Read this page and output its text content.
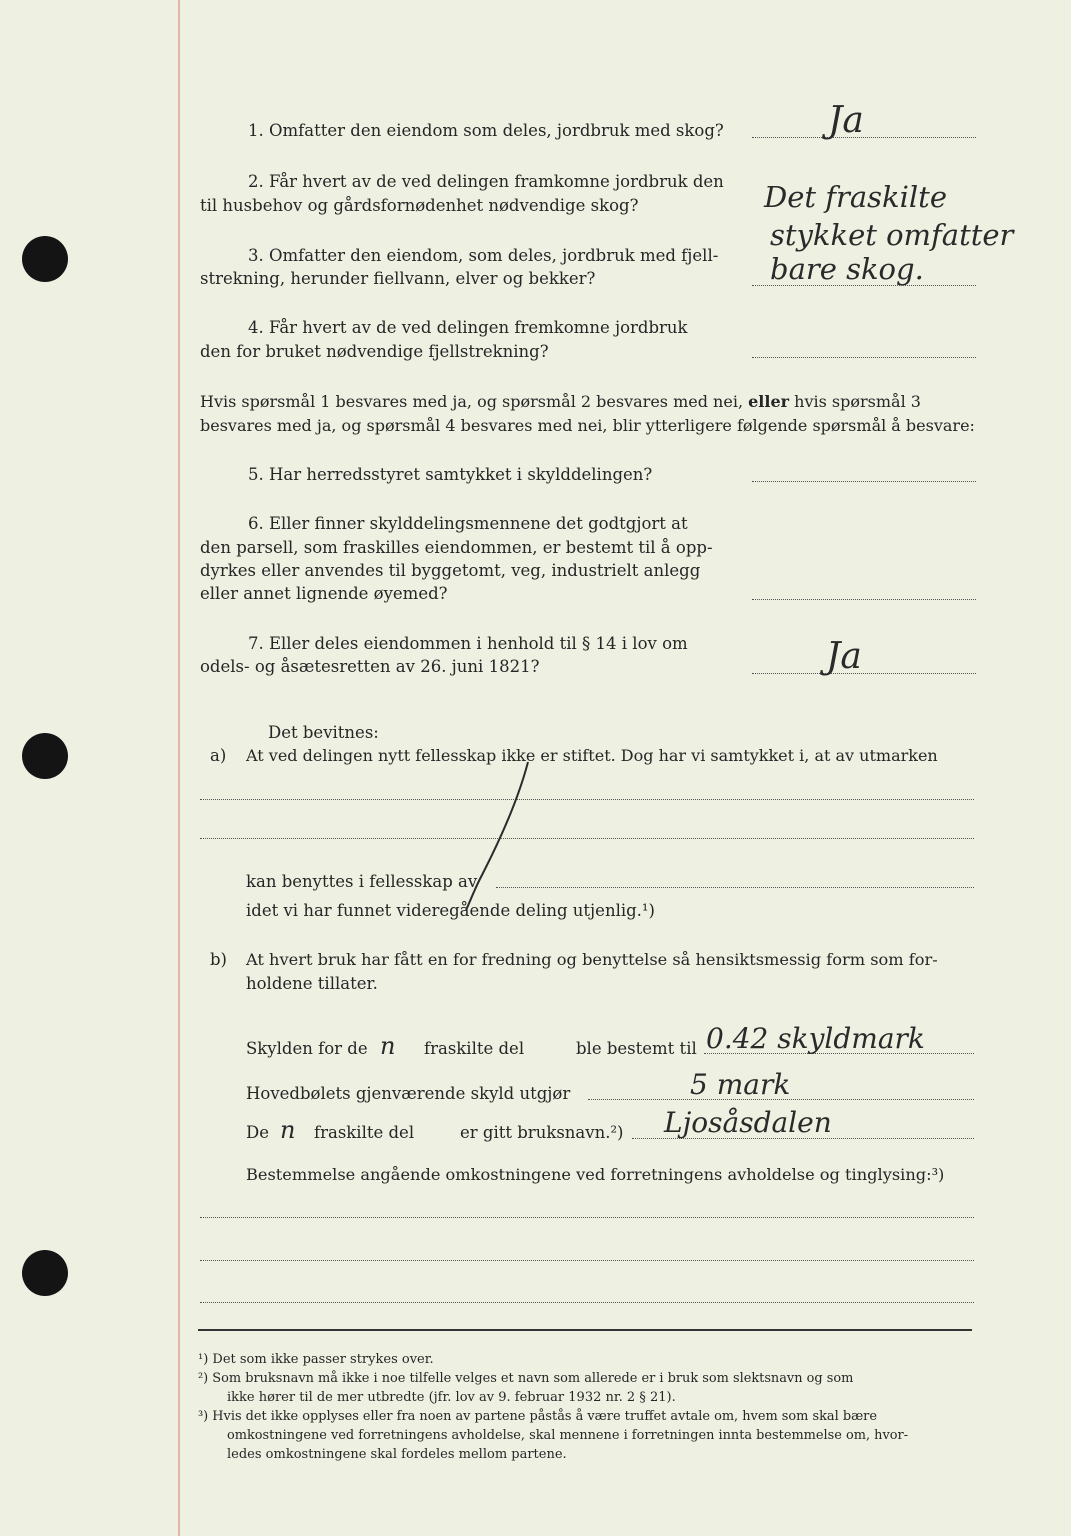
1. Omfatter den eiendom som deles, jordbruk med skog?	Ja
2. Får hvert av de ved delingen framkomne jordbruk den
til husbehov og gårdsfornødenhet nødvendige skog?	Det fraskilte
stykket omfatter
bare skog.
3. Omfatter den eiendom, som deles, jordbruk med fjell-
strekning, herunder fiellvann, elver og bekker?
4. Får hvert av de ved delingen fremkomne jordbruk
den for bruket nødvendige fjellstrekning?
Hvis spørsmål 1 besvares med ja, og spørsmål 2 besvares med nei, eller hvis spørsmål 3
besvares med ja, og spørsmål 4 besvares med nei, blir ytterligere følgende spørsmål å besvare:
5. Har herredsstyret samtykket i skylddelingen?
6. Eller finner skylddelingsmennene det godtgjort at
den parsell, som fraskilles eiendommen, er bestemt til å opp-
dyrkes eller anvendes til byggetomt, veg, industrielt anlegg
eller annet lignende øyemed?
7. Eller deles eiendommen i henhold til § 14 i lov om
odels- og åsætesretten av 26. juni 1821?	Ja
Det bevitnes:
a) At ved delingen nytt fellesskap ikke er stiftet. Dog har vi samtykket i, at av utmarken
kan benyttes i fellesskap av
idet vi har funnet videregående deling utjenlig.¹)
b) At hvert bruk har fått en for fredning og benyttelse så hensiktsmessig form som for-
holdene tillater.
Skylden for de n fraskilte del	ble bestemt til 0.42 skyldmark
Hovedbølets gjenværende skyld utgjør	5 mark
De n fraskilte del	er gitt bruksnavn.²) Ljosåsdalen
Bestemmelse angående omkostningene ved forretningens avholdelse og tinglysing:³)
¹) Det som ikke passer strykes over.
²) Som bruksnavn må ikke i noe tilfelle velges et navn som allerede er i bruk som slektsnavn og som
ikke hører til de mer utbredte (jfr. lov av 9. februar 1932 nr. 2 § 21).
³) Hvis det ikke opplyses eller fra noen av partene påstås å være truffet avtale om, hvem som skal bære
omkostningene ved forretningens avholdelse, skal mennene i forretningen innta bestemmelse om, hvor-
ledes omkostningene skal fordeles mellom partene.
